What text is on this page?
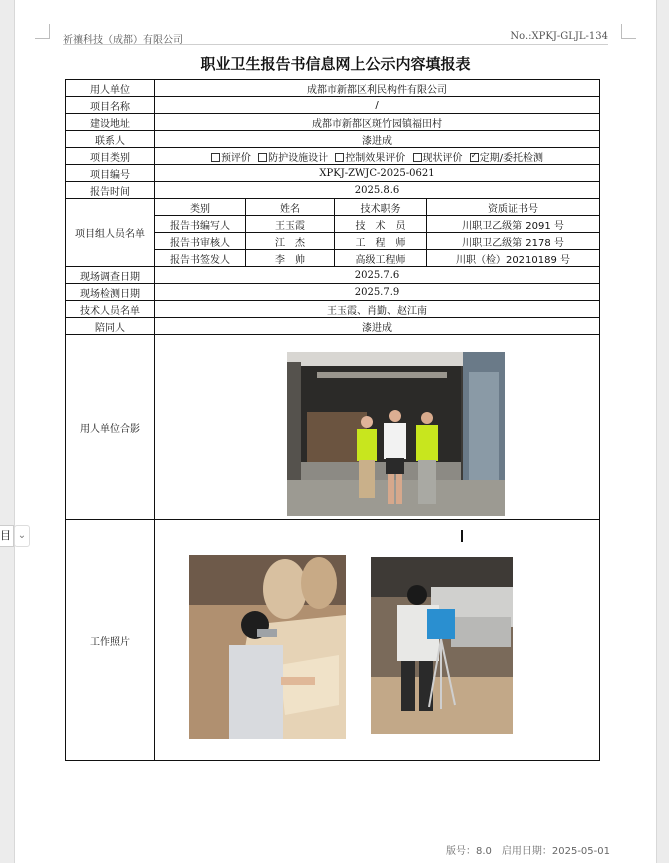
祈禳科技（成都）有限公司	No.:XPKJ-GLJL-134
职业卫生报告书信息网上公示内容填报表
用人单位	成都市新都区利民构件有限公司			
项目名称	/			
建设地址	成都市新都区斑竹园镇福田村			
联系人	漆进成			
项目类别	预评价 防护设施设计 控制效果评价 现状评价 ✓ 定期/委托检测
项目编号	XPKJ-ZWJC-2025-0621			
报告时间	2025.8.6			
项目组人员名单	类别	姓名	技术职务	资质证书号
	报告书编写人	王玉霞	技　术　员	川职卫乙级第 2091 号
	报告书审核人	江　杰	工　程　师	川职卫乙级第 2178 号
	报告书签发人	李　帅	高级工程师	川职（检）20210189 号
现场调查日期	2025.7.6			
现场检测日期	2025.7.9			
技术人员名单	王玉霞、肖勤、赵江南			
陪同人	漆进成			
用人单位合影				
工作照片				
版号：8.0　启用日期：2025-05-01
目 ⌄
